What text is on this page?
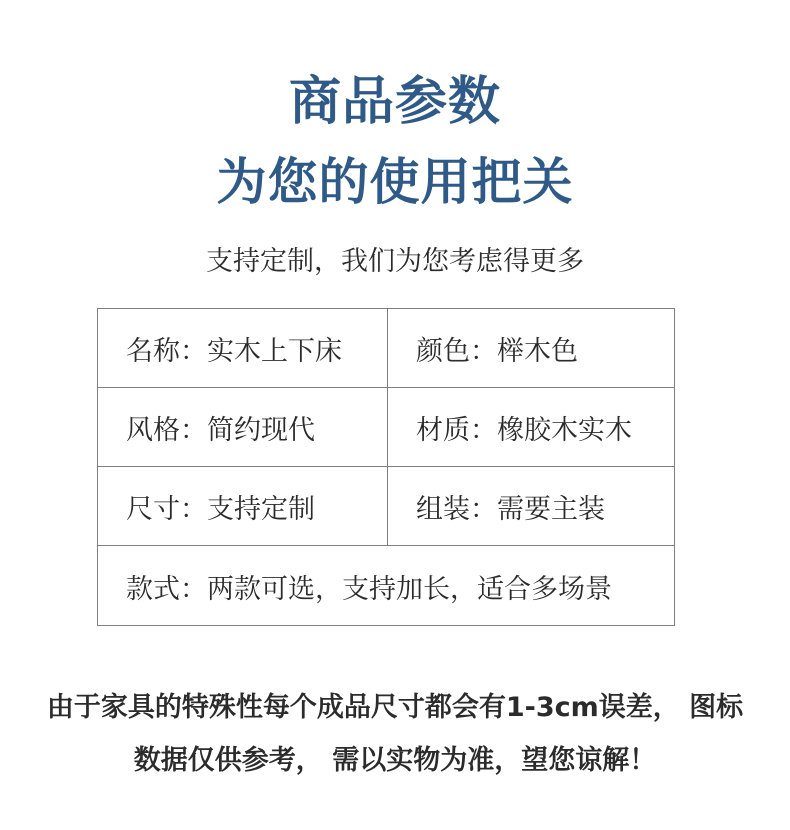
商品参数
为您的使用把关
支持定制，我们为您考虑得更多
名称：实木上下床	颜色：榉木色
风格：简约现代	材质：橡胶木实木
尺寸：支持定制	组装：需要主装
款式：两款可选，支持加长，适合多场景
由于家具的特殊性每个成品尺寸都会有1-3cm误差， 图标
数据仅供参考， 需以实物为准，望您谅解！
